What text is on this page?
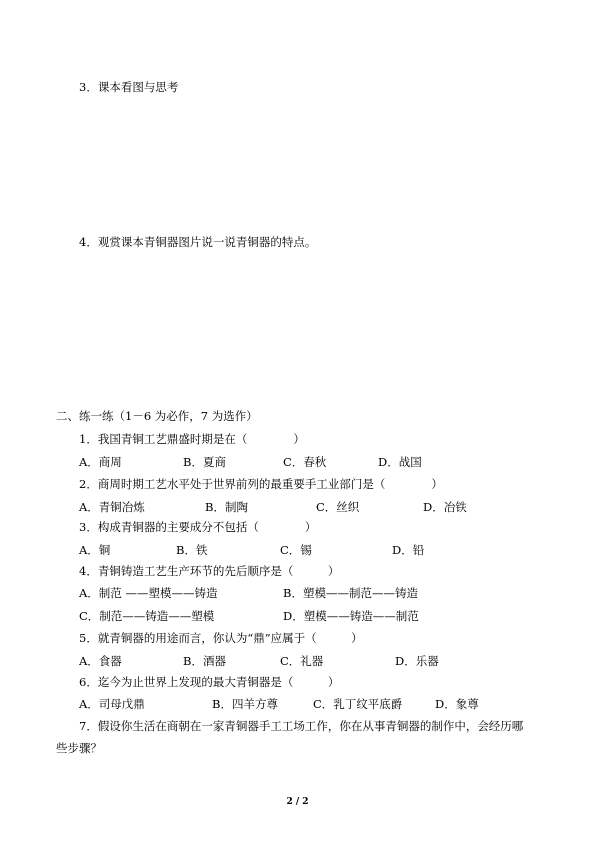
3．课本看图与思考
4．观赏课本青铜器图片说一说青铜器的特点。
二、练一练（1－6 为必作，7 为选作）
1．我国青铜工艺鼎盛时期是在（　　　　）
A．商周	B．夏商	C．春秋	D．战国
2．商周时期工艺水平处于世界前列的最重要手工业部门是（　　　　）
A．青铜冶炼	B．制陶	C．丝织	D．冶铁
3．构成青铜器的主要成分不包括（　　　　）
A．铜	B．铁	C．锡	D．铅
4．青铜铸造工艺生产环节的先后顺序是（　　　）
A．制范 ——塑模——铸造	B．塑模——制范——铸造
C．制范——铸造——塑模	D．塑模——铸造——制范
5．就青铜器的用途而言，你认为“鼎”应属于（　　　）
A．食器	B．酒器	C．礼器	D．乐器
6．迄今为止世界上发现的最大青铜器是（　　　）
A．司母戊鼎	B．四羊方尊	C．乳丁纹平底爵	D．象尊
7．假设你生活在商朝在一家青铜器手工工场工作，你在从事青铜器的制作中，会经历哪
些步骤？
2 / 2
